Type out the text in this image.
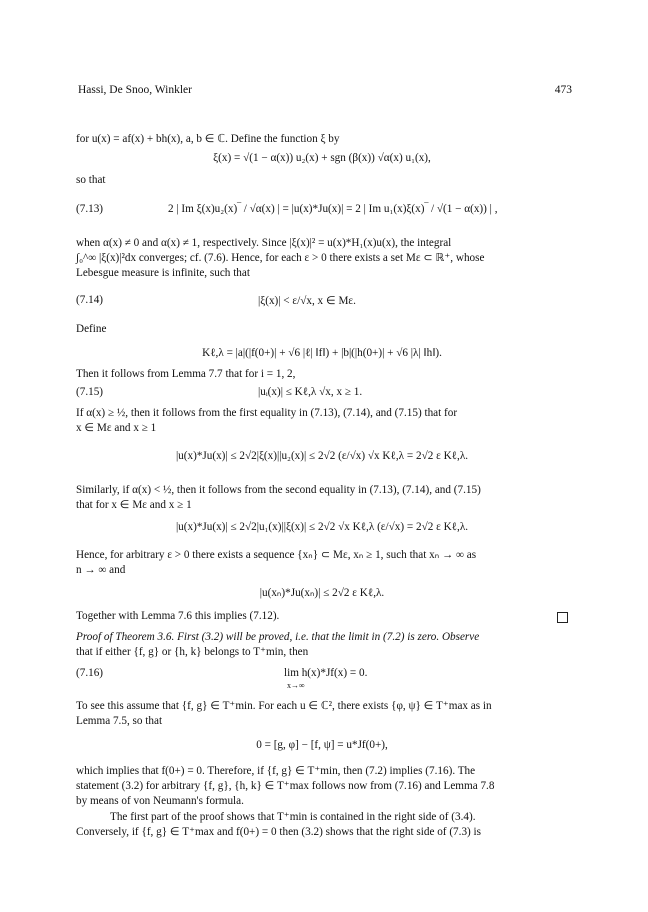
Hassi, De Snoo, Winkler	473
for u(x) = af(x) + bh(x), a, b ∈ ℂ. Define the function ξ by
ξ(x) = √(1 − α(x)) u₂(x) + sgn (β(x)) √α(x) u₁(x),
so that
(7.13)	2 | Im ξ(x)u₂(x)‾ / √α(x) | = |u(x)*Ju(x)| = 2 | Im u₁(x)ξ(x)‾ / √(1 − α(x)) | ,
when α(x) ≠ 0 and α(x) ≠ 1, respectively. Since |ξ(x)|² = u(x)*H₁(x)u(x), the integral
∫₀^∞ |ξ(x)|²dx converges; cf. (7.6). Hence, for each ε > 0 there exists a set Mε ⊂ ℝ⁺, whose
Lebesgue measure is infinite, such that
(7.14)	|ξ(x)| < ε/√x, x ∈ Mε.
Define
Kℓ,λ = |a|(|f(0+)| + √6 |ℓ| ‖f‖) + |b|(|h(0+)| + √6 |λ| ‖h‖).
Then it follows from Lemma 7.7 that for i = 1, 2,
(7.15)	|uᵢ(x)| ≤ Kℓ,λ √x, x ≥ 1.
If α(x) ≥ ½, then it follows from the first equality in (7.13), (7.14), and (7.15) that for
x ∈ Mε and x ≥ 1
|u(x)*Ju(x)| ≤ 2√2|ξ(x)||u₂(x)| ≤ 2√2 (ε/√x) √x Kℓ,λ = 2√2 ε Kℓ,λ.
Similarly, if α(x) < ½, then it follows from the second equality in (7.13), (7.14), and (7.15)
that for x ∈ Mε and x ≥ 1
|u(x)*Ju(x)| ≤ 2√2|u₁(x)||ξ(x)| ≤ 2√2 √x Kℓ,λ (ε/√x) = 2√2 ε Kℓ,λ.
Hence, for arbitrary ε > 0 there exists a sequence {xₙ} ⊂ Mε, xₙ ≥ 1, such that xₙ → ∞ as
n → ∞ and
|u(xₙ)*Ju(xₙ)| ≤ 2√2 ε Kℓ,λ.
Together with Lemma 7.6 this implies (7.12).
Proof of Theorem 3.6. First (3.2) will be proved, i.e. that the limit in (7.2) is zero. Observe
that if either {f, g} or {h, k} belongs to T⁺min, then
(7.16)	lim h(x)*Jf(x) = 0.
x→∞
To see this assume that {f, g} ∈ T⁺min. For each u ∈ ℂ², there exists {φ, ψ} ∈ T⁺max as in
Lemma 7.5, so that
0 = [g, φ] − [f, ψ] = u*Jf(0+),
which implies that f(0+) = 0. Therefore, if {f, g} ∈ T⁺min, then (7.2) implies (7.16). The
statement (3.2) for arbitrary {f, g}, {h, k} ∈ T⁺max follows now from (7.16) and Lemma 7.8
by means of von Neumann's formula.
The first part of the proof shows that T⁺min is contained in the right side of (3.4).
Conversely, if {f, g} ∈ T⁺max and f(0+) = 0 then (3.2) shows that the right side of (7.3) is
